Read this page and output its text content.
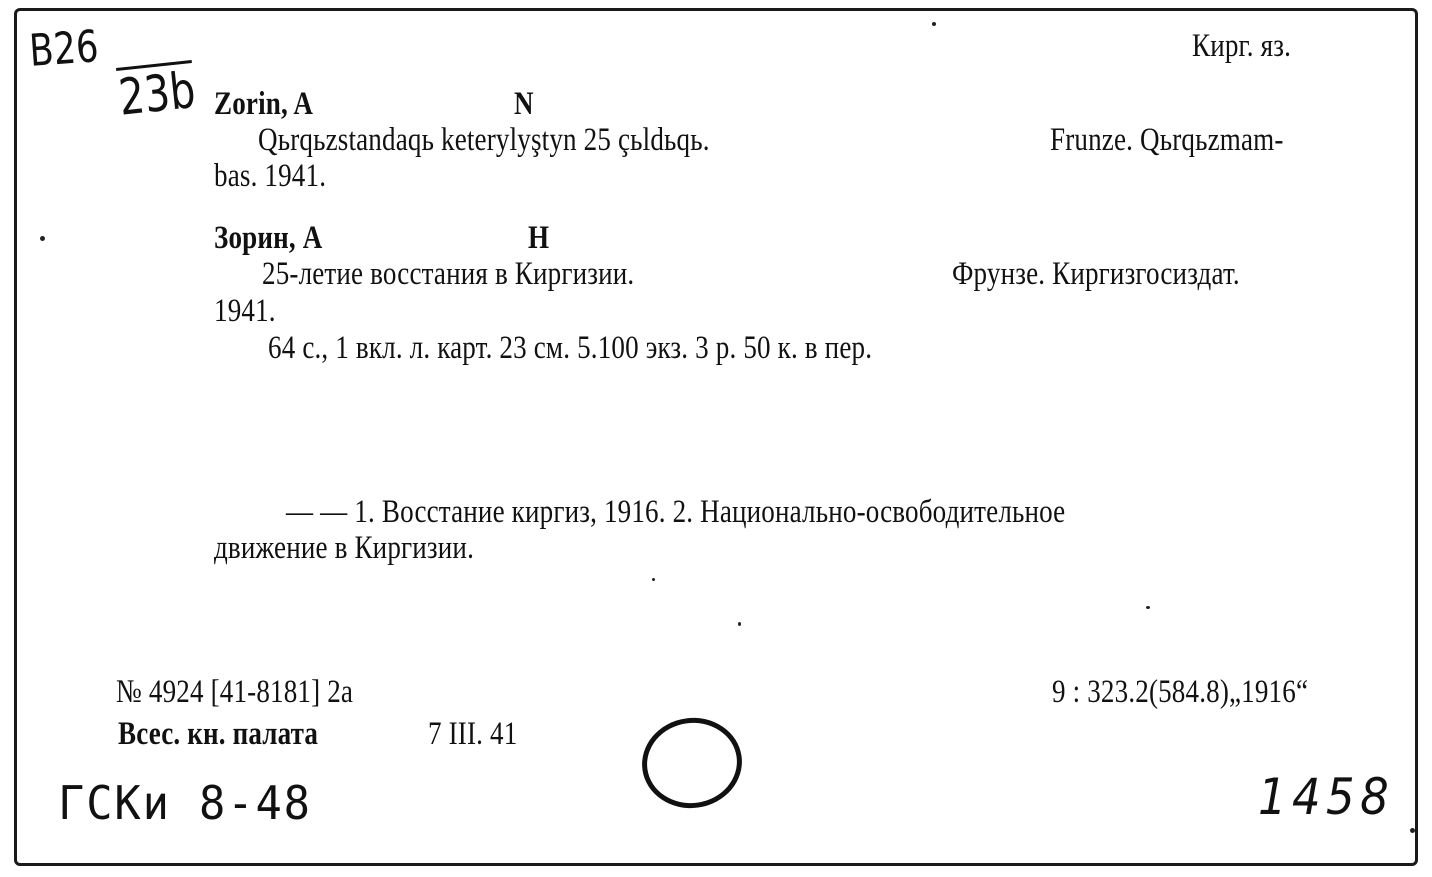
В26
23b
Кирг. яз.
Zorin, A	N
Qьrqьzstandaqь keterylyştyn 25 çьldьqь.	Frunze. Qьrqьzmam-
bas. 1941.
Зорин, А	Н
25-летие восстания в Киргизии.	Фрунзе. Киргизгосиздат.
1941.
64 с., 1 вкл. л. карт. 23 см. 5.100 экз. 3 р. 50 к. в пер.
— — 1. Восстание киргиз, 1916. 2. Национально-освободительное
движение в Киргизии.
№ 4924 [41-8181] 2а
Всес. кн. палата	7 III. 41
9 : 323.2(584.8)„1916“
ГСКи 8-48	1458
